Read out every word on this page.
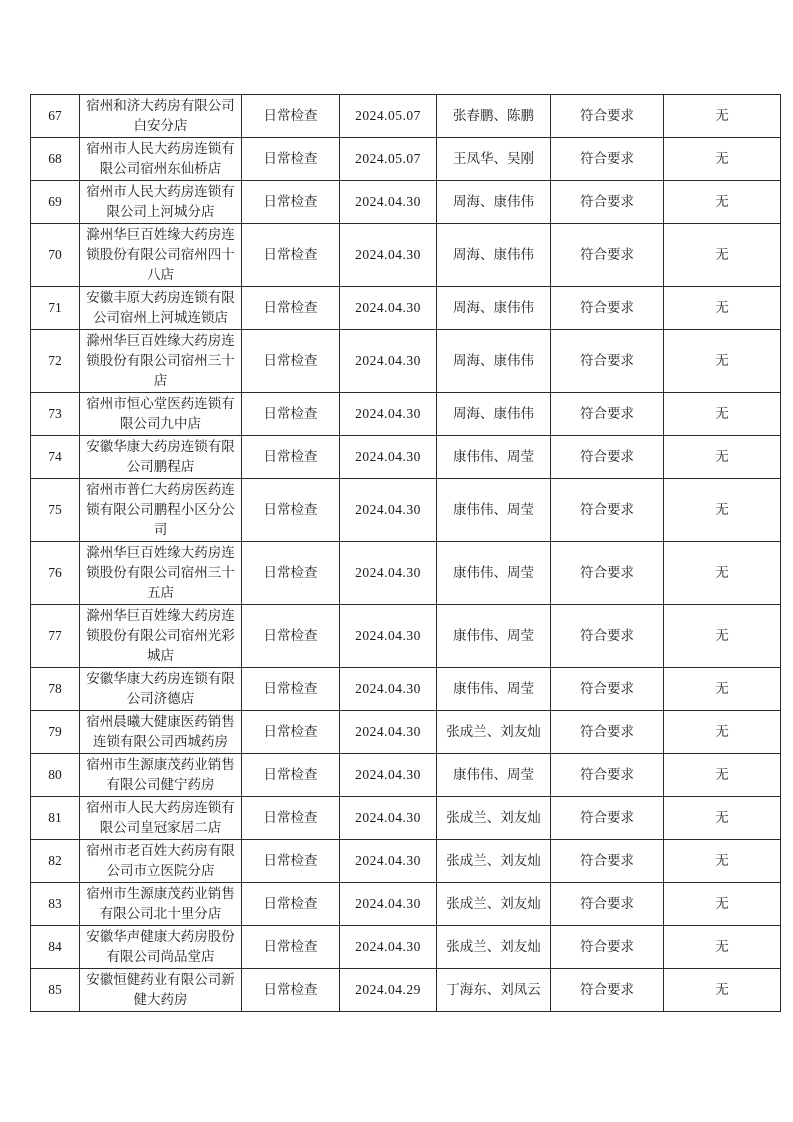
67	宿州和济大药房有限公司白安分店	日常检查	2024.05.07	张春鹏、陈鹏	符合要求	无
68	宿州市人民大药房连锁有限公司宿州东仙桥店	日常检查	2024.05.07	王凤华、吴刚	符合要求	无
69	宿州市人民大药房连锁有限公司上河城分店	日常检查	2024.04.30	周海、康伟伟	符合要求	无
70	滁州华巨百姓缘大药房连锁股份有限公司宿州四十八店	日常检查	2024.04.30	周海、康伟伟	符合要求	无
71	安徽丰原大药房连锁有限公司宿州上河城连锁店	日常检查	2024.04.30	周海、康伟伟	符合要求	无
72	滁州华巨百姓缘大药房连锁股份有限公司宿州三十店	日常检查	2024.04.30	周海、康伟伟	符合要求	无
73	宿州市恒心堂医药连锁有限公司九中店	日常检查	2024.04.30	周海、康伟伟	符合要求	无
74	安徽华康大药房连锁有限公司鹏程店	日常检查	2024.04.30	康伟伟、周莹	符合要求	无
75	宿州市普仁大药房医药连锁有限公司鹏程小区分公司	日常检查	2024.04.30	康伟伟、周莹	符合要求	无
76	滁州华巨百姓缘大药房连锁股份有限公司宿州三十五店	日常检查	2024.04.30	康伟伟、周莹	符合要求	无
77	滁州华巨百姓缘大药房连锁股份有限公司宿州光彩城店	日常检查	2024.04.30	康伟伟、周莹	符合要求	无
78	安徽华康大药房连锁有限公司济德店	日常检查	2024.04.30	康伟伟、周莹	符合要求	无
79	宿州晨曦大健康医药销售连锁有限公司西城药房	日常检查	2024.04.30	张成兰、刘友灿	符合要求	无
80	宿州市生源康茂药业销售有限公司健宁药房	日常检查	2024.04.30	康伟伟、周莹	符合要求	无
81	宿州市人民大药房连锁有限公司皇冠家居二店	日常检查	2024.04.30	张成兰、刘友灿	符合要求	无
82	宿州市老百姓大药房有限公司市立医院分店	日常检查	2024.04.30	张成兰、刘友灿	符合要求	无
83	宿州市生源康茂药业销售有限公司北十里分店	日常检查	2024.04.30	张成兰、刘友灿	符合要求	无
84	安徽华声健康大药房股份有限公司尚品堂店	日常检查	2024.04.30	张成兰、刘友灿	符合要求	无
85	安徽恒健药业有限公司新健大药房	日常检查	2024.04.29	丁海东、刘凤云	符合要求	无
